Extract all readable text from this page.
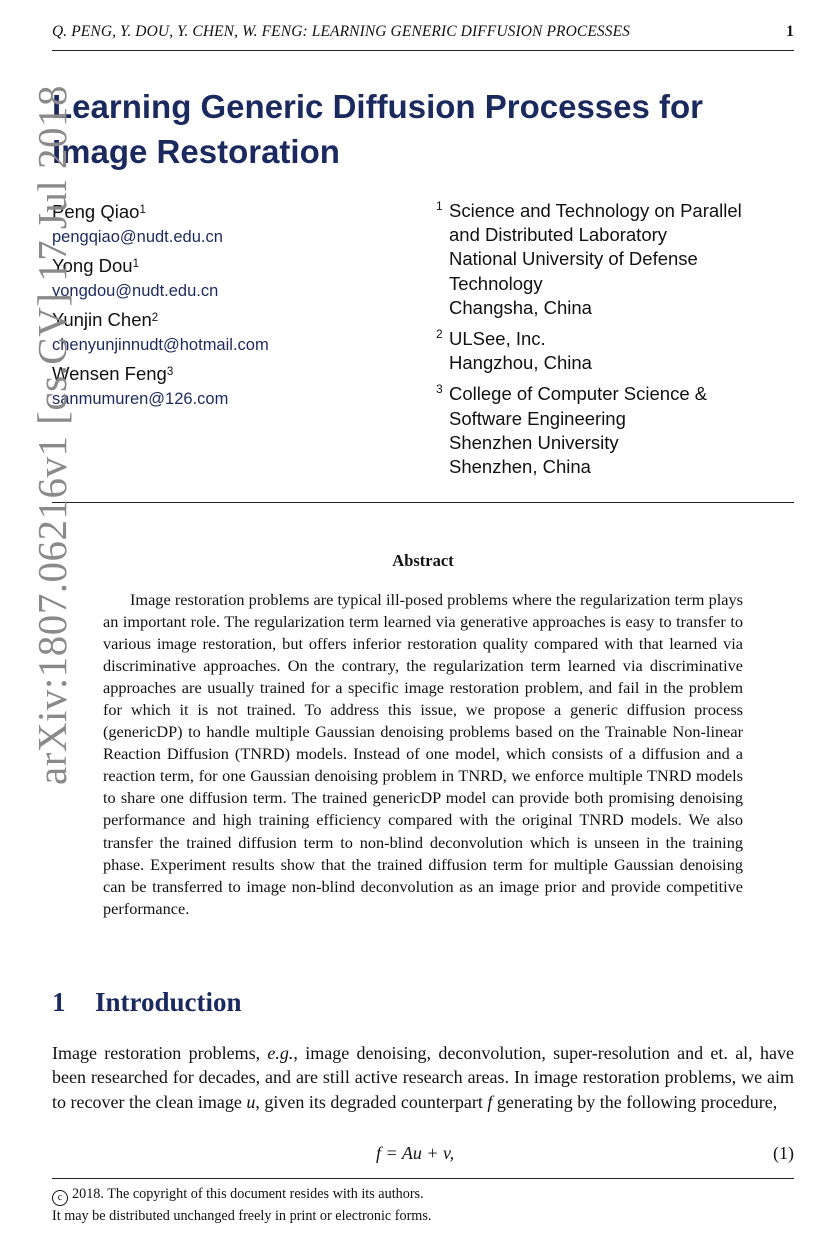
Q. PENG, Y. DOU, Y. CHEN, W. FENG: LEARNING GENERIC DIFFUSION PROCESSES	1
Learning Generic Diffusion Processes for Image Restoration
Peng Qiao$^1$
pengqiao@nudt.edu.cn
Yong Dou$^1$
yongdou@nudt.edu.cn
Yunjin Chen$^2$
chenyunjinnudt@hotmail.com
Wensen Feng$^3$
sanmumuren@126.com
1 Science and Technology on Parallel
and Distributed Laboratory
National University of Defense
Technology
Changsha, China
2 ULSee, Inc.
Hangzhou, China
3 College of Computer Science &
Software Engineering
Shenzhen University
Shenzhen, China
Abstract
Image restoration problems are typical ill-posed problems where the regularization term plays an important role. The regularization term learned via generative approaches is easy to transfer to various image restoration, but offers inferior restoration quality compared with that learned via discriminative approaches. On the contrary, the regularization term learned via discriminative approaches are usually trained for a specific image restoration problem, and fail in the problem for which it is not trained. To address this issue, we propose a generic diffusion process (genericDP) to handle multiple Gaussian denoising problems based on the Trainable Non-linear Reaction Diffusion (TNRD) models. Instead of one model, which consists of a diffusion and a reaction term, for one Gaussian denoising problem in TNRD, we enforce multiple TNRD models to share one diffusion term. The trained genericDP model can provide both promising denoising performance and high training efficiency compared with the original TNRD models. We also transfer the trained diffusion term to non-blind deconvolution which is unseen in the training phase. Experiment results show that the trained diffusion term for multiple Gaussian denoising can be transferred to image non-blind deconvolution as an image prior and provide competitive performance.
1 Introduction
Image restoration problems, e.g., image denoising, deconvolution, super-resolution and et. al, have been researched for decades, and are still active research areas. In image restoration problems, we aim to recover the clean image u, given its degraded counterpart f generating by the following procedure,
f = Au + v,	(1)
c 2018. The copyright of this document resides with its authors.
It may be distributed unchanged freely in print or electronic forms.
arXiv:1807.06216v1 [cs.CV] 17 Jul 2018
